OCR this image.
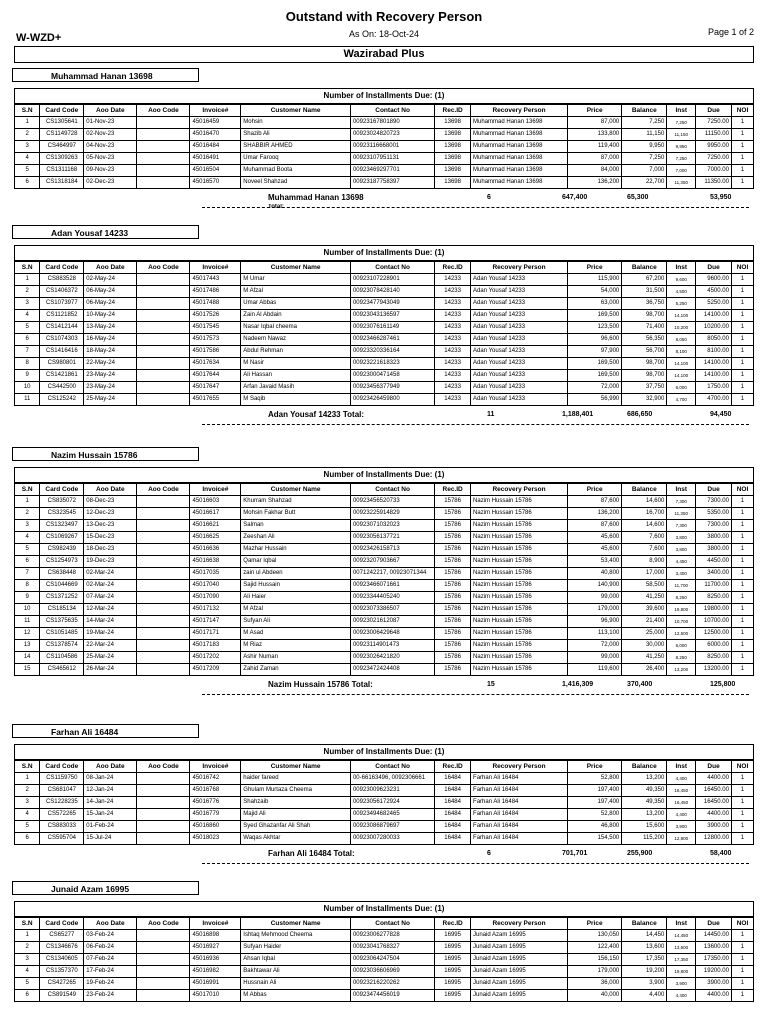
Outstand with Recovery Person
W-WZD+	As On: 18-Oct-24	Page 1 of 2
Wazirabad Plus
Muhammad Hanan 13698
Number of Installments Due: (1)
S.N	Card Code	Aoo Date	Aoo Code	Invoice#	Customer Name	Contact No	Rec.ID	Recovery Person	Price	Balance	Inst	Due	NOI
1	CS1305641	01-Nov-23		45016459	Mohsin	00923167801890	13698	Muhammad Hanan 13698	87,000	7,250	7,250	7250.00	1
2	CS1149728	02-Nov-23		45016470	Shazib Ali	00923024820723	13698	Muhammad Hanan 13698	133,800	11,150	11,150	11150.00	1
3	CS464997	04-Nov-23		45016484	SHABBIR AHMED	00923116668001	13698	Muhammad Hanan 13698	119,400	9,950	9,950	9950.00	1
4	CS1309263	05-Nov-23		45016491	Umar Farooq	00923107951131	13698	Muhammad Hanan 13698	87,000	7,250	7,250	7250.00	1
5	CS1311168	09-Nov-23		45016504	Muhammad Boota	00923469297701	13698	Muhammad Hanan 13698	84,000	7,000	7,000	7000.00	1
6	CS1318184	02-Dec-23		45016570	Noveel Shahzad	00923187758397	13698	Muhammad Hanan 13698	136,200	22,700	11,350	11350.00	1
Muhammad Hanan 13698	6	647,400	65,300	53,950
Total:
Adan Yousaf 14233
Number of Installments Due: (1)
S.N	Card Code	Aoo Date	Aoo Code	Invoice#	Customer Name	Contact No	Rec.ID	Recovery Person	Price	Balance	Inst	Due	NOI
1	CS883528	02-May-24		45017443	M Umar	00923107228901	14233	Adan Yousaf 14233	115,900	67,200	9,600	9600.00	1
2	CS1406372	06-May-24		45017486	M Afzal	00923078428140	14233	Adan Yousaf 14233	54,000	31,500	4,500	4500.00	1
3	CS1073977	06-May-24		45017488	Umar Abbas	00923477943049	14233	Adan Yousaf 14233	63,000	36,750	5,250	5250.00	1
4	CS1121852	10-May-24		45017526	Zain Al Abdain	00923043136597	14233	Adan Yousaf 14233	169,500	98,700	14,100	14100.00	1
5	CS1412144	13-May-24		45017545	Nasar Iqbal cheema	00923076161149	14233	Adan Yousaf 14233	123,500	71,400	10,200	10200.00	1
6	CS1074303	16-May-24		45017573	Nadeem Nawaz	00923466287461	14233	Adan Yousaf 14233	96,600	56,350	8,050	8050.00	1
7	CS1416416	18-May-24		45017586	Abdul Rehman	00923320336164	14233	Adan Yousaf 14233	97,900	56,700	8,100	8100.00	1
8	CS980801	22-May-24		45017634	M Nasir	00923221618323	14233	Adan Yousaf 14233	169,500	98,700	14,100	14100.00	1
9	CS1421861	23-May-24		45017644	Ali Hassan	00923000471458	14233	Adan Yousaf 14233	169,500	98,700	14,100	14100.00	1
10	CS442500	23-May-24		45017647	Arfan Javaid Masih	00923456377949	14233	Adan Yousaf 14233	72,000	37,750	6,000	1750.00	1
11	CS125242	25-May-24		45017655	M Saqib	00923426459800	14233	Adan Yousaf 14233	56,990	32,900	4,700	4700.00	1
Adan Yousaf 14233 Total:	11	1,188,401	686,650	94,450
Nazim Hussain 15786
Number of Installments Due: (1)
S.N	Card Code	Aoo Date	Aoo Code	Invoice#	Customer Name	Contact No	Rec.ID	Recovery Person	Price	Balance	Inst	Due	NOI
1	CS835072	08-Dec-23		45016603	Khurram Shahzad	00923456520733	15786	Nazim Hussain 15786	87,600	14,600	7,300	7300.00	1
2	CS323545	12-Dec-23		45016617	Mohsin Fakhar Butt	00923225914829	15786	Nazim Hussain 15786	136,200	16,700	11,350	5350.00	1
3	CS1323497	13-Dec-23		45016621	Salman	00923071032023	15786	Nazim Hussain 15786	87,600	14,600	7,300	7300.00	1
4	CS1069267	15-Dec-23		45016625	Zeeshan Ali	00923056137721	15786	Nazim Hussain 15786	45,600	7,600	3,800	3800.00	1
5	CS982439	18-Dec-23		45016636	Mazhar Hussain	00923426158713	15786	Nazim Hussain 15786	45,600	7,600	3,800	3800.00	1
6	CS1254973	19-Dec-23		45016638	Qamar Iqbal	00923207903667	15786	Nazim Hussain 15786	53,400	8,900	4,450	4450.00	1
7	CS638448	02-Mar-24		45017035	zain ul Abdeen	0071242217, 00923071344	15786	Nazim Hussain 15786	40,800	17,000	3,400	3400.00	1
8	CS1044669	02-Mar-24		45017040	Sajid Hussain	00923466071661	15786	Nazim Hussain 15786	140,900	58,500	11,700	11700.00	1
9	CS1371252	07-Mar-24		45017090	Ali Haier	00923344405240	15786	Nazim Hussain 15786	99,000	41,250	8,250	8250.00	1
10	CS185134	12-Mar-24		45017132	M Afzal	00923073386507	15786	Nazim Hussain 15786	179,000	39,600	19,800	19800.00	1
11	CS1375635	14-Mar-24		45017147	Sufyan Ali	00923021612087	15786	Nazim Hussain 15786	96,900	21,400	10,700	10700.00	1
12	CS1051485	19-Mar-24		45017171	M Asad	00923006429648	15786	Nazim Hussain 15786	113,100	25,000	12,500	12500.00	1
13	CS1378574	22-Mar-24		45017183	M Riaz	00923114901473	15786	Nazim Hussain 15786	72,000	30,000	6,000	6000.00	1
14	CS1104586	25-Mar-24		45017202	Ashir Numan	00923026421820	15786	Nazim Hussain 15786	99,000	41,250	8,250	8250.00	1
15	CS465612	26-Mar-24		45017209	Zahid Zaman	00923472424408	15786	Nazim Hussain 15786	119,600	26,400	13,200	13200.00	1
Nazim Hussain 15786 Total:	15	1,416,309	370,400	125,800
Farhan Ali 16484
Number of Installments Due: (1)
S.N	Card Code	Aoo Date	Aoo Code	Invoice#	Customer Name	Contact No	Rec.ID	Recovery Person	Price	Balance	Inst	Due	NOI
1	CS1159750	08-Jan-24		45016742	haider fareed	00-66163496, 0092306661	16484	Farhan Ali 16484	52,800	13,200	4,400	4400.00	1
2	CS681047	12-Jan-24		45016768	Ghulam Murtaza Cheema	00923009623231	16484	Farhan Ali 16484	197,400	49,350	16,450	16450.00	1
3	CS1228235	14-Jan-24		45016776	Shahzaib	00923056172924	16484	Farhan Ali 16484	197,400	49,350	16,450	16450.00	1
4	CS572265	15-Jan-24		45016779	Majid Ali	00923494682465	16484	Farhan Ali 16484	52,800	13,200	4,400	4400.00	1
5	CS883033	01-Feb-24		45016860	Syed Ghazanfar Ali Shah	00923086879697	16484	Farhan Ali 16484	46,800	15,600	3,900	3900.00	1
6	CS595704	15-Jul-24		45018023	Waqas Akhtar	00923007280033	16484	Farhan Ali 16484	154,500	115,200	12,800	12800.00	1
Farhan Ali 16484 Total:	6	701,701	255,900	58,400
Junaid Azam 16995
Number of Installments Due: (1)
S.N	Card Code	Aoo Date	Aoo Code	Invoice#	Customer Name	Contact No	Rec.ID	Recovery Person	Price	Balance	Inst	Due	NOI
1	CS65277	03-Feb-24		45016898	Ishtaq Mehmood Cheema	00923006277828	16995	Junaid Azam 16995	130,050	14,450	14,450	14450.00	1
2	CS1346676	06-Feb-24		45016927	Sufyan Haider	00923041768327	16995	Junaid Azam 16995	122,400	13,600	13,600	13600.00	1
3	CS1340605	07-Feb-24		45016936	Ahsan Iqbal	00923064247504	16995	Junaid Azam 16995	156,150	17,350	17,350	17350.00	1
4	CS1357370	17-Feb-24		45016982	Bakhtawar Ali	00923036606969	16995	Junaid Azam 16995	179,000	19,200	19,800	19200.00	1
5	CS427265	19-Feb-24		45016991	Hussnain Ali	00923216220262	16995	Junaid Azam 16995	36,000	3,900	3,900	3900.00	1
6	CS891549	23-Feb-24		45017010	M Abbas	00923474456019	16995	Junaid Azam 16995	40,000	4,400	4,400	4400.00	1
